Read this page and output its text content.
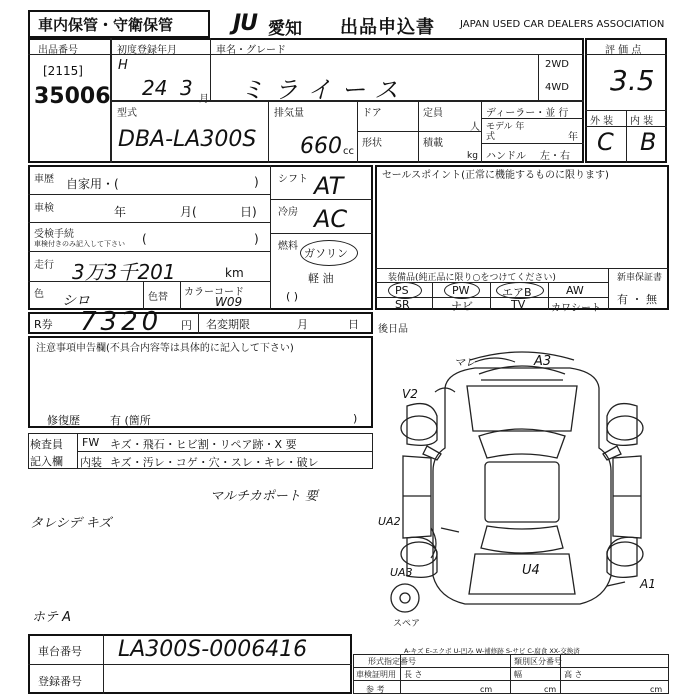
車内保管・守衛保管	JU 愛知 出品申込書	JAPAN USED CAR DEALERS ASSOCIATION
出品番号
[2115]
35006
初度登録年月
H
24 3 月
車名・グレード
ミライース
2WD
4WD
評 価 点
3.5
外 装 内 装
C B
型式
DBA-LA300S
排気量
660 cc
ドア	定員
人
形状	積載
kg
ディーラー・並 行
モデル 年式	年
ハンドル 左・右
車歴 自家用・(	)
車検	年	月(	日)
受検手続
車検付きのみ記入して下さい (	)
走行 3万3千201	km
色 シロ	色替 カラーコード
W09
シフト AT
冷房 AC
燃料
ガソリン
軽 油
( )
セールスポイント(正常に機能するものに限ります)
装備品(純正品に限り○をつけてください)	新車保証書
有 ・ 無
PS	PW	エアB	AW
SR	ナビ	TV	カワシート
R券 7320 円 名変期限	月	日
注意事項申告欄(不具合内容等は具体的に記入して下さい)
修復歴	有 (箇所	)
後日品
検査員
記入欄
FW キズ・飛石・ヒビ割・リペア跡・X 要
内装 キズ・汚レ・コゲ・穴・スレ・キレ・破レ
マルチカポート 要
タレシデ キズ
ホテ A
マレ	A3
V2
UA2
UA3	U4
A1
スペア
A-キズ E-エクボ U-凹み W-補修跡 S-サビ C-腐食 XX-交換済
車台番号 LA300S-0006416
登録番号
形式指定番号	類別区分番号
車検証明用 長 さ	幅	高 さ
参 考	cm	cm	cm
